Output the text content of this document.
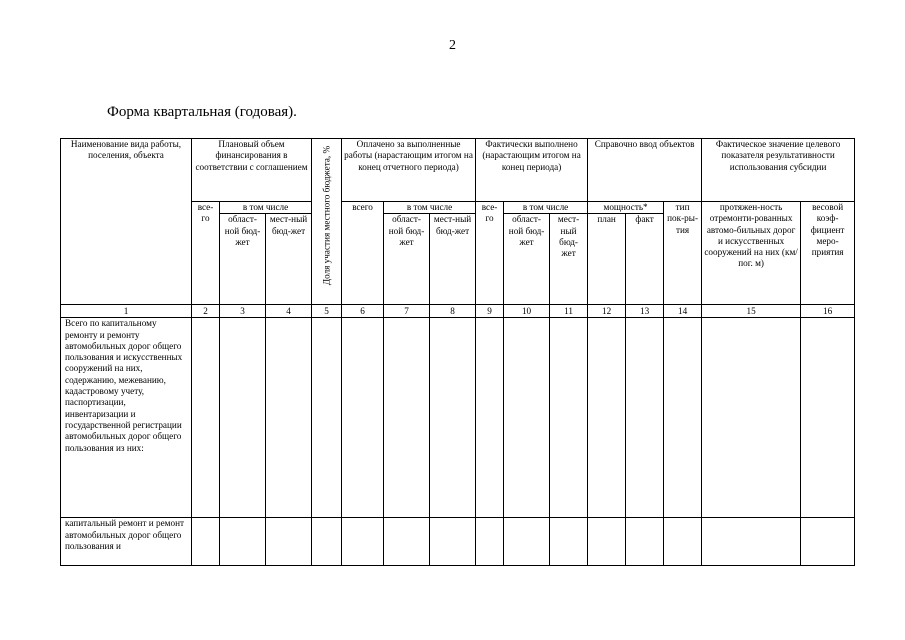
2
Форма квартальная (годовая).
Наименование вида работы, поселения, объекта	Плановый объем финансирования в соответствии с соглашением			Доля участия местного бюджета, %	Оплачено за выполненные работы (нарастающим итогом на конец отчетного периода)			Фактически выполнено (нарастающим итогом на конец периода)			Справочно ввод объектов			Фактическое значение целевого показателя результативности использования субсидии	
	все-го	в том числе			всего	в том числе		все-го	в том числе		мощность*		тип пок-ры-тия	протяжен-ность отремонти-рованных автомо-бильных дорог и искусственных сооружений на них (км/ пог. м)	весовой коэф-фициент меро-приятия
		област-ной бюд-жет	мест-ный бюд-жет			област-ной бюд-жет	мест-ный бюд-жет		област-ной бюд-жет	мест-ный бюд-жет	план	факт			
1	2	3	4	5	6	7	8	9	10	11	12	13	14	15	16
Всего по капитальному ремонту и ремонту автомобильных дорог общего пользования и искусственных сооружений на них, содержанию, межеванию, кадастровому учету, паспортизации, инвентаризации и государственной регистрации автомобильных дорог общего пользования из них:															
капитальный ремонт и ремонт автомобильных дорог общего пользования и															
